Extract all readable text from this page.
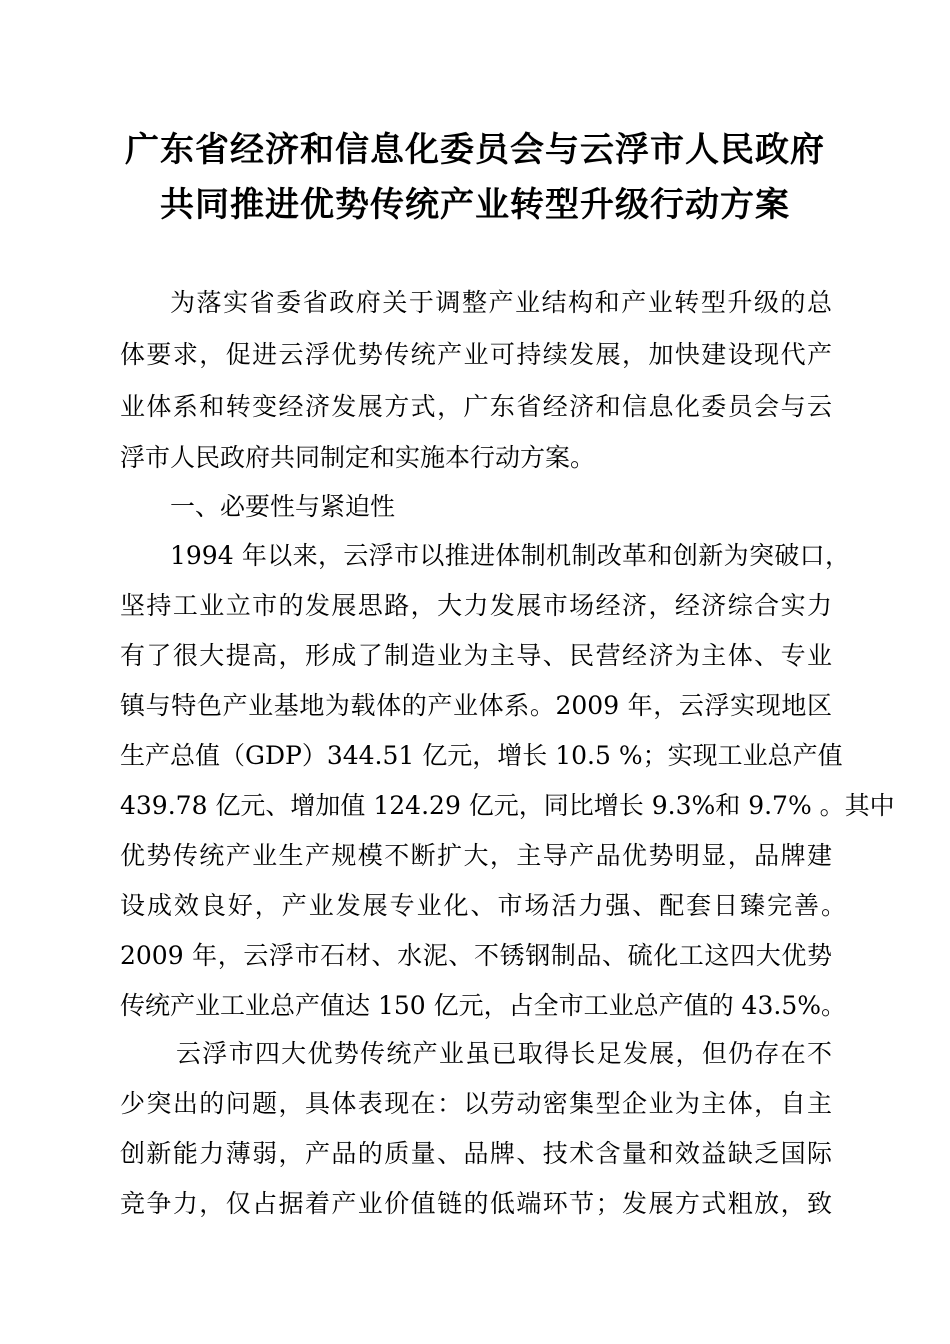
广东省经济和信息化委员会与云浮市人民政府
共同推进优势传统产业转型升级行动方案
为落实省委省政府关于调整产业结构和产业转型升级的总
体要求，促进云浮优势传统产业可持续发展，加快建设现代产
业体系和转变经济发展方式，广东省经济和信息化委员会与云
浮市人民政府共同制定和实施本行动方案。
一、必要性与紧迫性
1994 年以来，云浮市以推进体制机制改革和创新为突破口，
坚持工业立市的发展思路，大力发展市场经济，经济综合实力
有了很大提高，形成了制造业为主导、民营经济为主体、专业
镇与特色产业基地为载体的产业体系。2009 年，云浮实现地区
生产总值（GDP）344.51 亿元，增长 10.5 %；实现工业总产值
439.78 亿元、增加值 124.29 亿元，同比增长 9.3%和 9.7% 。其中
优势传统产业生产规模不断扩大，主导产品优势明显，品牌建
设成效良好，产业发展专业化、市场活力强、配套日臻完善。
2009 年，云浮市石材、水泥、不锈钢制品、硫化工这四大优势
传统产业工业总产值达 150 亿元，占全市工业总产值的 43.5%。
云浮市四大优势传统产业虽已取得长足发展，但仍存在不
少突出的问题，具体表现在：以劳动密集型企业为主体，自主
创新能力薄弱，产品的质量、品牌、技术含量和效益缺乏国际
竞争力，仅占据着产业价值链的低端环节；发展方式粗放，致
